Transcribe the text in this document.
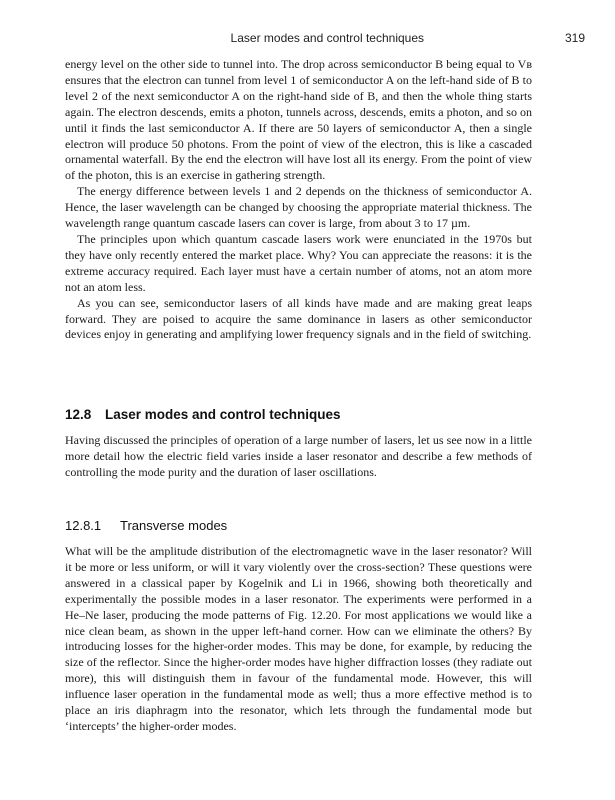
Laser modes and control techniques	319

energy level on the other side to tunnel into. The drop across semiconductor B being equal to Vʙ ensures that the electron can tunnel from level 1 of semiconductor A on the left-hand side of B to level 2 of the next semiconductor A on the right-hand side of B, and then the whole thing starts again. The electron descends, emits a photon, tunnels across, descends, emits a photon, and so on until it finds the last semiconductor A. If there are 50 layers of semiconductor A, then a single electron will produce 50 photons. From the point of view of the electron, this is like a cascaded ornamental waterfall. By the end the electron will have lost all its energy. From the point of view of the photon, this is an exercise in gathering strength.

The energy difference between levels 1 and 2 depends on the thickness of semiconductor A. Hence, the laser wavelength can be changed by choosing the appropriate material thickness. The wavelength range quantum cascade lasers can cover is large, from about 3 to 17 µm.

The principles upon which quantum cascade lasers work were enunciated in the 1970s but they have only recently entered the market place. Why? You can appreciate the reasons: it is the extreme accuracy required. Each layer must have a certain number of atoms, not an atom more not an atom less.

As you can see, semiconductor lasers of all kinds have made and are making great leaps forward. They are poised to acquire the same dominance in lasers as other semiconductor devices enjoy in generating and amplifying lower frequency signals and in the field of switching.

12.8 Laser modes and control techniques

Having discussed the principles of operation of a large number of lasers, let us see now in a little more detail how the electric field varies inside a laser resonator and describe a few methods of controlling the mode purity and the duration of laser oscillations.

12.8.1 Transverse modes

What will be the amplitude distribution of the electromagnetic wave in the laser resonator? Will it be more or less uniform, or will it vary violently over the cross-section? These questions were answered in a classical paper by Kogelnik and Li in 1966, showing both theoretically and experimentally the possible modes in a laser resonator. The experiments were performed in a He–Ne laser, producing the mode patterns of Fig. 12.20. For most applications we would like a nice clean beam, as shown in the upper left-hand corner. How can we eliminate the others? By introducing losses for the higher-order modes. This may be done, for example, by reducing the size of the reflector. Since the higher-order modes have higher diffraction losses (they radiate out more), this will distinguish them in favour of the fundamental mode. However, this will influence laser operation in the fundamental mode as well; thus a more effective method is to place an iris diaphragm into the resonator, which lets through the fundamental mode but ‘intercepts’ the higher-order modes.
